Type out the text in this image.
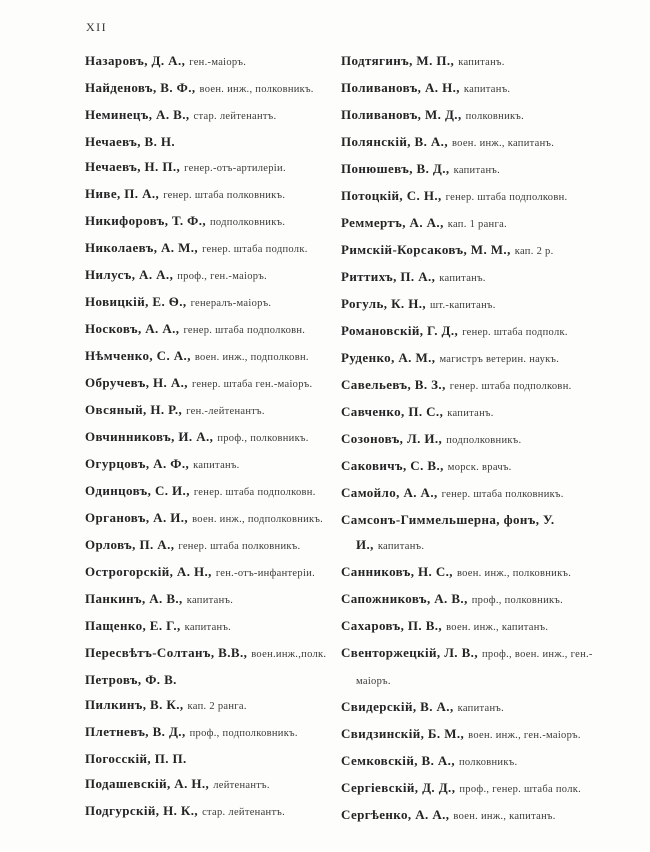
XII
Назаровъ, Д. А., ген.-маіоръ.
Найденовъ, В. Ф., воен. инж., полковникъ.
Неминецъ, А. В., стар. лейтенантъ.
Нечаевъ, В. Н.
Нечаевъ, Н. П., генер.-отъ-артилеріи.
Ниве, П. А., генер. штаба полковникъ.
Никифоровъ, Т. Ф., подполковникъ.
Николаевъ, А. М., генер. штаба подполк.
Нилусъ, А. А., проф., ген.-маіоръ.
Новицкій, Е. Ѳ., генералъ-маіоръ.
Носковъ, А. А., генер. штаба подполковн.
Нѣмченко, С. А., воен. инж., подполковн.
Обручевъ, Н. А., генер. штаба ген.-маіоръ.
Овсяный, Н. Р., ген.-лейтенантъ.
Овчинниковъ, И. А., проф., полковникъ.
Огурцовъ, А. Ф., капитанъ.
Одинцовъ, С. И., генер. штаба подполковн.
Органовъ, А. И., воен. инж., подполковникъ.
Орловъ, П. А., генер. штаба полковникъ.
Острогорскій, А. Н., ген.-отъ-инфантеріи.
Панкинъ, А. В., капитанъ.
Пащенко, Е. Г., капитанъ.
Пересвѣтъ-Солтанъ, В.В., воен.инж.,полк.
Петровъ, Ф. В.
Пилкинъ, В. К., кап. 2 ранга.
Плетневъ, В. Д., проф., подполковникъ.
Погосскій, П. П.
Подашевскій, А. Н., лейтенантъ.
Подгурскій, Н. К., стар. лейтенантъ.
Подтягинъ, М. П., капитанъ.
Поливановъ, А. Н., капитанъ.
Поливановъ, М. Д., полковникъ.
Полянскій, В. А., воен. инж., капитанъ.
Понюшевъ, В. Д., капитанъ.
Потоцкій, С. Н., генер. штаба подполковн.
Реммертъ, А. А., кап. 1 ранга.
Римскій-Корсаковъ, М. М., кап. 2 р.
Риттихъ, П. А., капитанъ.
Рогуль, К. Н., шт.-капитанъ.
Романовскій, Г. Д., генер. штаба подполк.
Руденко, А. М., магистръ ветерин. наукъ.
Савельевъ, В. З., генер. штаба подполковн.
Савченко, П. С., капитанъ.
Созоновъ, Л. И., подполковникъ.
Саковичъ, С. В., морск. врачъ.
Самойло, А. А., генер. штаба полковникъ.
Самсонъ-Гиммельшерна, фонъ, У. И., капитанъ.
Санниковъ, Н. С., воен. инж., полковникъ.
Сапожниковъ, А. В., проф., полковникъ.
Сахаровъ, П. В., воен. инж., капитанъ.
Свенторжецкій, Л. В., проф., воен. инж., ген.-маіоръ.
Свидерскій, В. А., капитанъ.
Свидзинскій, Б. М., воен. инж., ген.-маіоръ.
Семковскій, В. А., полковникъ.
Сергіевскій, Д. Д., проф., генер. штаба полк.
Сергѣенко, А. А., воен. инж., капитанъ.
